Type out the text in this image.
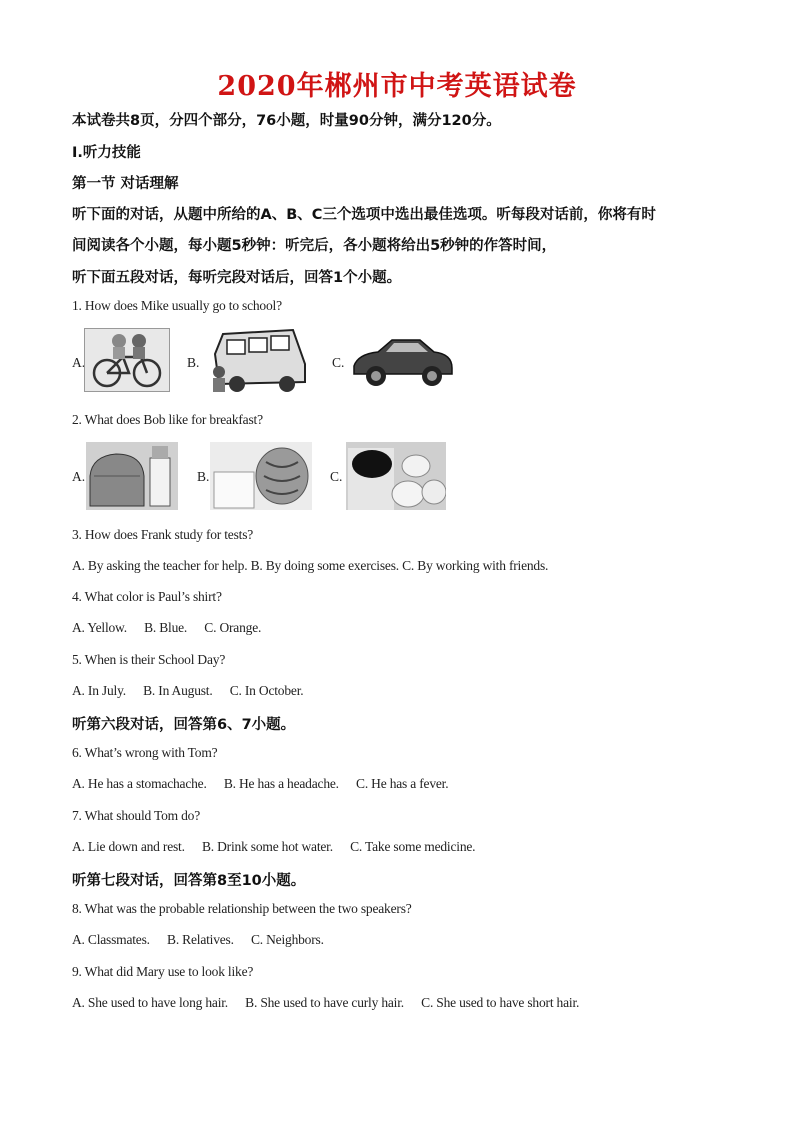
2020年郴州市中考英语试卷
本试卷共8页，分四个部分，76小题，时量90分钟，满分120分。
Ⅰ.听力技能
第一节 对话理解
听下面的对话，从题中所给的A、B、C三个选项中选出最佳选项。听每段对话前，你将有时
间阅读各个小题，每小题5秒钟：听完后，各小题将给出5秒钟的作答时间，
听下面五段对话，每听完段对话后，回答1个小题。
1. How does Mike usually go to school?
A.	B.	C.
2. What does Bob like for breakfast?
A.	B.	C.
3. How does Frank study for tests?
A. By asking the teacher for help. B. By doing some exercises. C. By working with friends.
4. What color is Paul’s shirt?
A. Yellow. B. Blue. C. Orange.
5. When is their School Day?
A. In July. B. In August. C. In October.
听第六段对话，回答第6、7小题。
6. What’s wrong with Tom?
A. He has a stomachache. B. He has a headache. C. He has a fever.
7. What should Tom do?
A. Lie down and rest. B. Drink some hot water. C. Take some medicine.
听第七段对话，回答第8至10小题。
8. What was the probable relationship between the two speakers?
A. Classmates. B. Relatives. C. Neighbors.
9. What did Mary use to look like?
A. She used to have long hair. B. She used to have curly hair. C. She used to have short hair.
